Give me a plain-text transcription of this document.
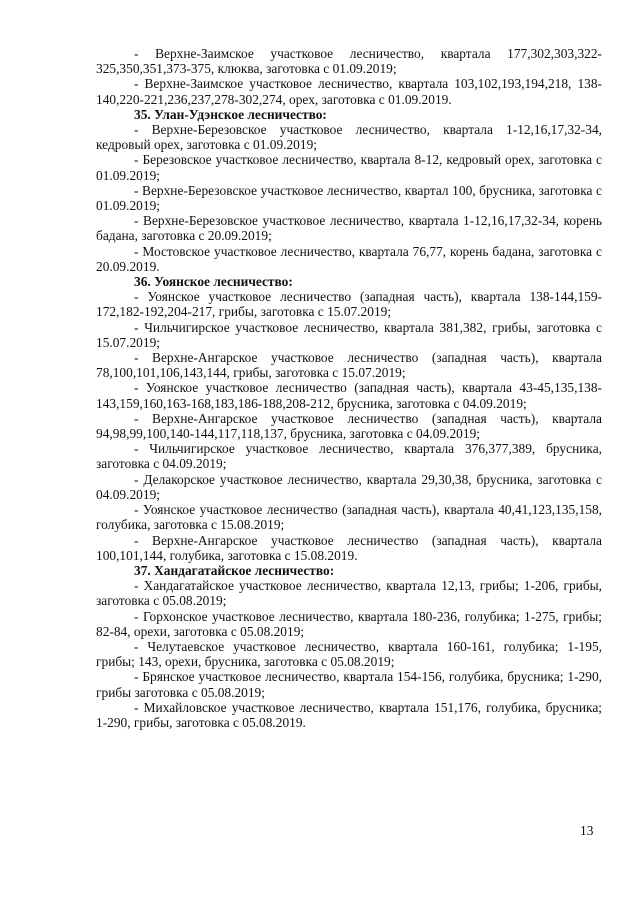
- Верхне-Заимское участковое лесничество, квартала 177,302,303,322-325,350,351,373-375, клюква, заготовка с 01.09.2019;

- Верхне-Заимское участковое лесничество, квартала 103,102,193,194,218, 138-140,220-221,236,237,278-302,274, орех, заготовка с 01.09.2019.

35. Улан-Удэнское лесничество:

- Верхне-Березовское участковое лесничество, квартала 1-12,16,17,32-34, кедровый орех, заготовка с 01.09.2019;

- Березовское участковое лесничество, квартала 8-12, кедровый орех, заготовка с 01.09.2019;

- Верхне-Березовское участковое лесничество, квартал 100, брусника, заготовка с 01.09.2019;

- Верхне-Березовское участковое лесничество, квартала 1-12,16,17,32-34, корень бадана, заготовка с 20.09.2019;

- Мостовское участковое лесничество, квартала 76,77, корень бадана, заготовка с 20.09.2019.

36. Уоянское лесничество:

- Уоянское участковое лесничество (западная часть), квартала 138-144,159-172,182-192,204-217, грибы, заготовка с 15.07.2019;

- Чильчигирское участковое лесничество, квартала 381,382, грибы, заготовка с 15.07.2019;

- Верхне-Ангарское участковое лесничество (западная часть), квартала 78,100,101,106,143,144, грибы, заготовка с 15.07.2019;

- Уоянское участковое лесничество (западная часть), квартала 43-45,135,138-143,159,160,163-168,183,186-188,208-212, брусника, заготовка с 04.09.2019;

- Верхне-Ангарское участковое лесничество (западная часть), квартала 94,98,99,100,140-144,117,118,137, брусника, заготовка с 04.09.2019;

- Чильчигирское участковое лесничество, квартала 376,377,389, брусника, заготовка с 04.09.2019;

- Делакорское участковое лесничество, квартала 29,30,38, брусника, заготовка с 04.09.2019;

- Уоянское участковое лесничество (западная часть), квартала 40,41,123,135,158, голубика, заготовка с 15.08.2019;

- Верхне-Ангарское участковое лесничество (западная часть), квартала 100,101,144, голубика, заготовка с 15.08.2019.

37. Хандагатайское лесничество:

- Хандагатайское участковое лесничество, квартала 12,13, грибы; 1-206, грибы, заготовка с 05.08.2019;

- Горхонское участковое лесничество, квартала 180-236, голубика; 1-275, грибы; 82-84, орехи, заготовка с 05.08.2019;

- Челутаевское участковое лесничество, квартала 160-161, голубика; 1-195, грибы; 143, орехи, брусника, заготовка с 05.08.2019;

- Брянское участковое лесничество, квартала 154-156, голубика, брусника; 1-290, грибы заготовка с 05.08.2019;

- Михайловское участковое лесничество, квартала 151,176, голубика, брусника; 1-290, грибы, заготовка с 05.08.2019.

13
